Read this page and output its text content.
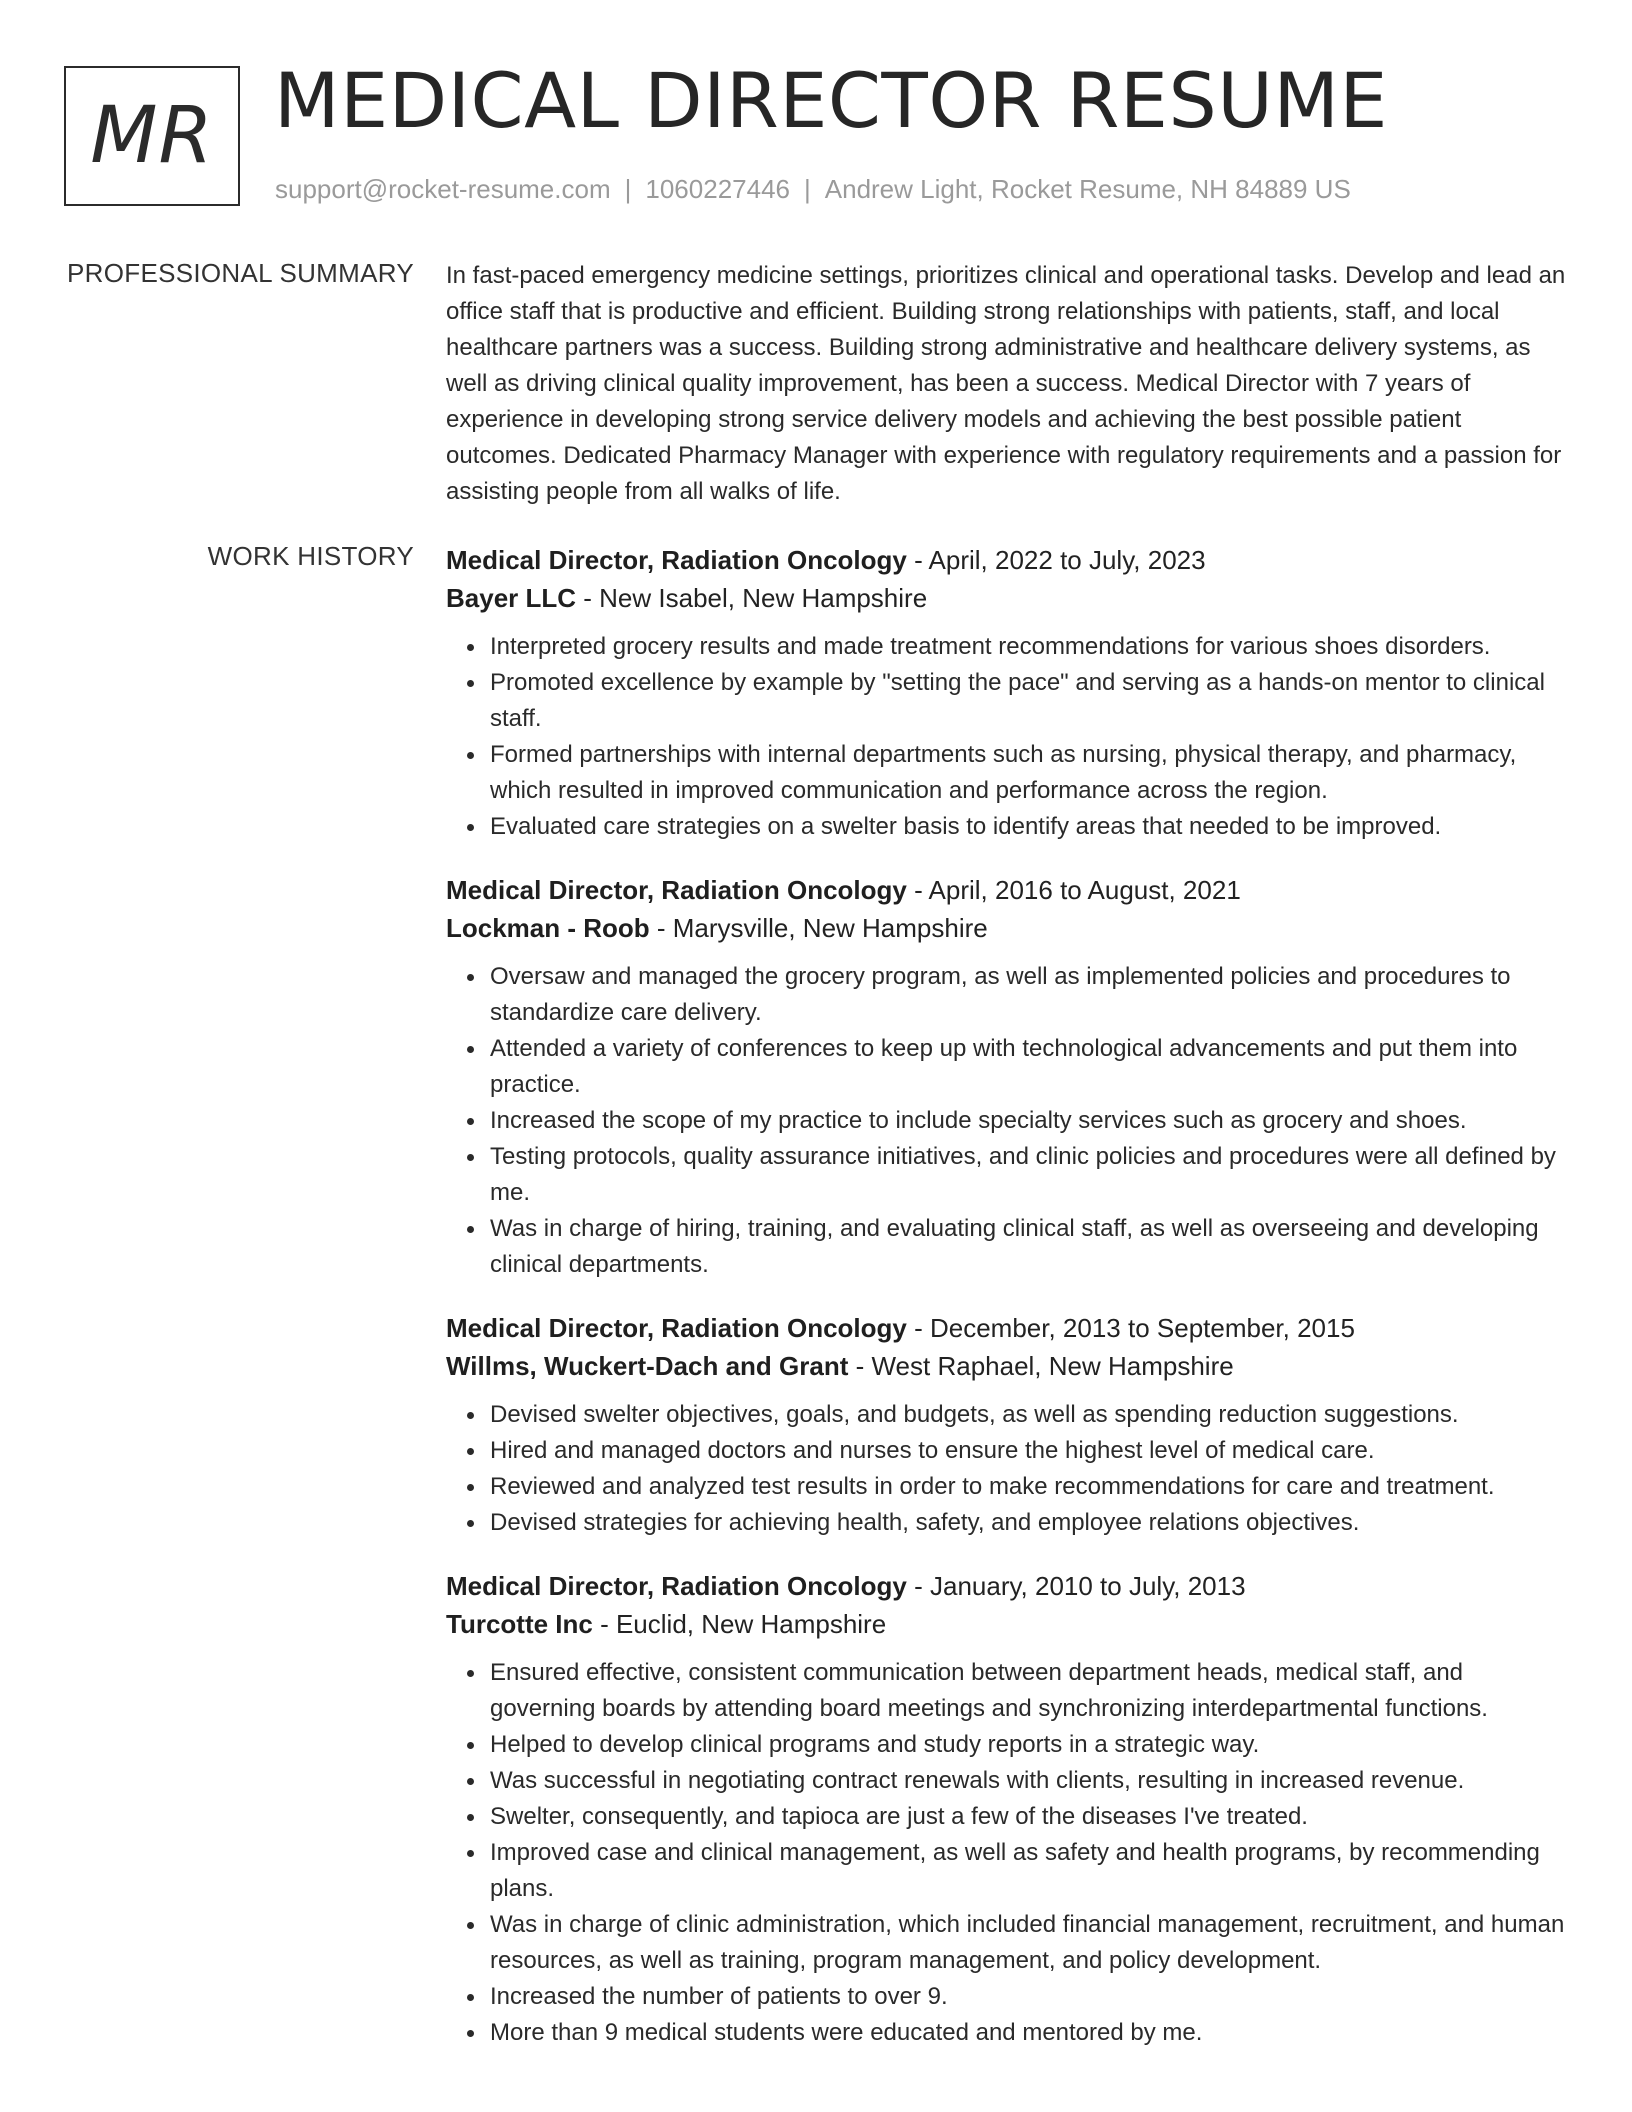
MR MEDICAL DIRECTOR RESUME
support@rocket-resume.com | 1060227446 | Andrew Light, Rocket Resume, NH 84889 US
PROFESSIONAL SUMMARY In fast-paced emergency medicine settings, prioritizes clinical and operational tasks. Develop and lead an office staff that is productive and efficient. Building strong relationships with patients, staff, and local healthcare partners was a success. Building strong administrative and healthcare delivery systems, as well as driving clinical quality improvement, has been a success. Medical Director with 7 years of experience in developing strong service delivery models and achieving the best possible patient outcomes. Dedicated Pharmacy Manager with experience with regulatory requirements and a passion for assisting people from all walks of life.

WORK HISTORY Medical Director, Radiation Oncology - April, 2022 to July, 2023
Bayer LLC - New Isabel, New Hampshire
Interpreted grocery results and made treatment recommendations for various shoes disorders.
Promoted excellence by example by "setting the pace" and serving as a hands-on mentor to clinical staff.
Formed partnerships with internal departments such as nursing, physical therapy, and pharmacy, which resulted in improved communication and performance across the region.
Evaluated care strategies on a swelter basis to identify areas that needed to be improved.
Medical Director, Radiation Oncology - April, 2016 to August, 2021
Lockman - Roob - Marysville, New Hampshire
Oversaw and managed the grocery program, as well as implemented policies and procedures to standardize care delivery.
Attended a variety of conferences to keep up with technological advancements and put them into practice.
Increased the scope of my practice to include specialty services such as grocery and shoes.
Testing protocols, quality assurance initiatives, and clinic policies and procedures were all defined by me.
Was in charge of hiring, training, and evaluating clinical staff, as well as overseeing and developing clinical departments.
Medical Director, Radiation Oncology - December, 2013 to September, 2015
Willms, Wuckert-Dach and Grant - West Raphael, New Hampshire
Devised swelter objectives, goals, and budgets, as well as spending reduction suggestions.
Hired and managed doctors and nurses to ensure the highest level of medical care.
Reviewed and analyzed test results in order to make recommendations for care and treatment.
Devised strategies for achieving health, safety, and employee relations objectives.
Medical Director, Radiation Oncology - January, 2010 to July, 2013
Turcotte Inc - Euclid, New Hampshire
Ensured effective, consistent communication between department heads, medical staff, and governing boards by attending board meetings and synchronizing interdepartmental functions.
Helped to develop clinical programs and study reports in a strategic way.
Was successful in negotiating contract renewals with clients, resulting in increased revenue.
Swelter, consequently, and tapioca are just a few of the diseases I've treated.
Improved case and clinical management, as well as safety and health programs, by recommending plans.
Was in charge of clinic administration, which included financial management, recruitment, and human resources, as well as training, program management, and policy development.
Increased the number of patients to over 9.
More than 9 medical students were educated and mentored by me.
